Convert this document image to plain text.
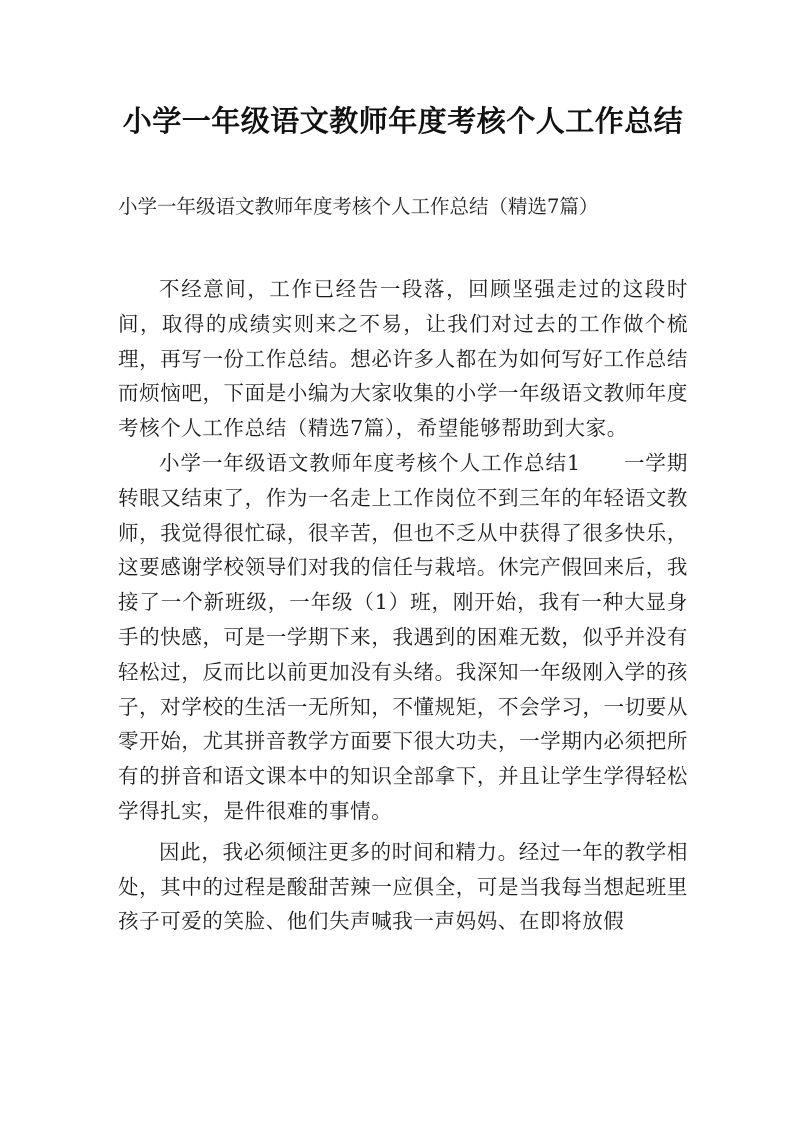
小学一年级语文教师年度考核个人工作总结
小学一年级语文教师年度考核个人工作总结（精选7篇）

不经意间，工作已经告一段落，回顾坚强走过的这段时间，取得的成绩实则来之不易，让我们对过去的工作做个梳理，再写一份工作总结。想必许多人都在为如何写好工作总结而烦恼吧，下面是小编为大家收集的小学一年级语文教师年度考核个人工作总结（精选7篇），希望能够帮助到大家。

小学一年级语文教师年度考核个人工作总结1　　一学期转眼又结束了，作为一名走上工作岗位不到三年的年轻语文教师，我觉得很忙碌，很辛苦，但也不乏从中获得了很多快乐，这要感谢学校领导们对我的信任与栽培。休完产假回来后，我接了一个新班级，一年级（1）班，刚开始，我有一种大显身手的快感，可是一学期下来，我遇到的困难无数，似乎并没有轻松过，反而比以前更加没有头绪。我深知一年级刚入学的孩子，对学校的生活一无所知，不懂规矩，不会学习，一切要从零开始，尤其拼音教学方面要下很大功夫，一学期内必须把所有的拼音和语文课本中的知识全部拿下，并且让学生学得轻松学得扎实，是件很难的事情。

因此，我必须倾注更多的时间和精力。经过一年的教学相处，其中的过程是酸甜苦辣一应俱全，可是当我每当想起班里孩子可爱的笑脸、他们失声喊我一声妈妈、在即将放假
